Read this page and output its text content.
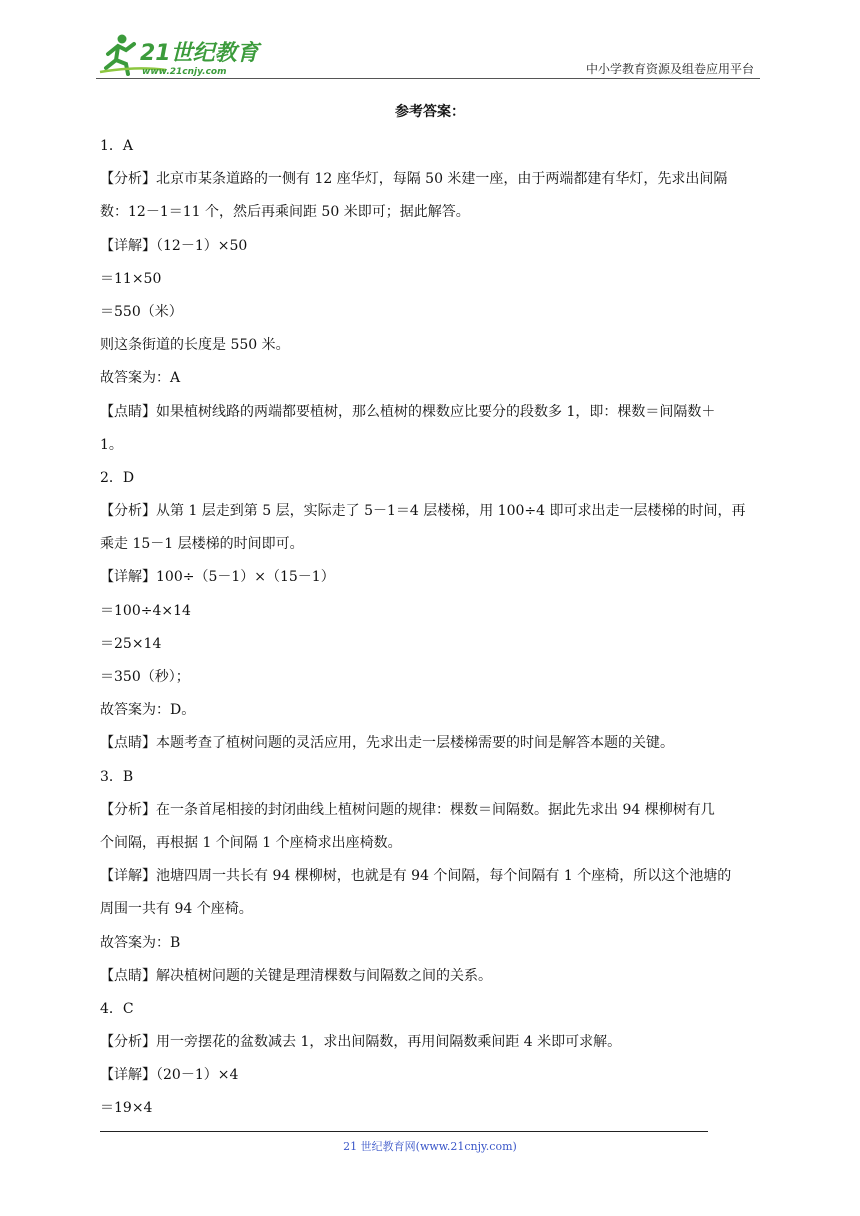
21世纪教育
www.21cnjy.com	中小学教育资源及组卷应用平台
参考答案：
1．A
【分析】北京市某条道路的一侧有 12 座华灯，每隔 50 米建一座，由于两端都建有华灯，先求出间隔
数：12－1＝11 个，然后再乘间距 50 米即可；据此解答。
【详解】（12－1）×50
＝11×50
＝550（米）
则这条街道的长度是 550 米。
故答案为：A
【点睛】如果植树线路的两端都要植树，那么植树的棵数应比要分的段数多 1，即：棵数＝间隔数＋
1。
2．D
【分析】从第 1 层走到第 5 层，实际走了 5－1＝4 层楼梯，用 100÷4 即可求出走一层楼梯的时间，再
乘走 15－1 层楼梯的时间即可。
【详解】100÷（5－1）×（15－1）
＝100÷4×14
＝25×14
＝350（秒）；
故答案为：D。
【点睛】本题考查了植树问题的灵活应用，先求出走一层楼梯需要的时间是解答本题的关键。
3．B
【分析】在一条首尾相接的封闭曲线上植树问题的规律：棵数＝间隔数。据此先求出 94 棵柳树有几
个间隔，再根据 1 个间隔 1 个座椅求出座椅数。
【详解】池塘四周一共长有 94 棵柳树，也就是有 94 个间隔，每个间隔有 1 个座椅，所以这个池塘的
周围一共有 94 个座椅。
故答案为：B
【点睛】解决植树问题的关键是理清棵数与间隔数之间的关系。
4．C
【分析】用一旁摆花的盆数减去 1，求出间隔数，再用间隔数乘间距 4 米即可求解。
【详解】（20－1）×4
＝19×4
21 世纪教育网(www.21cnjy.com)
